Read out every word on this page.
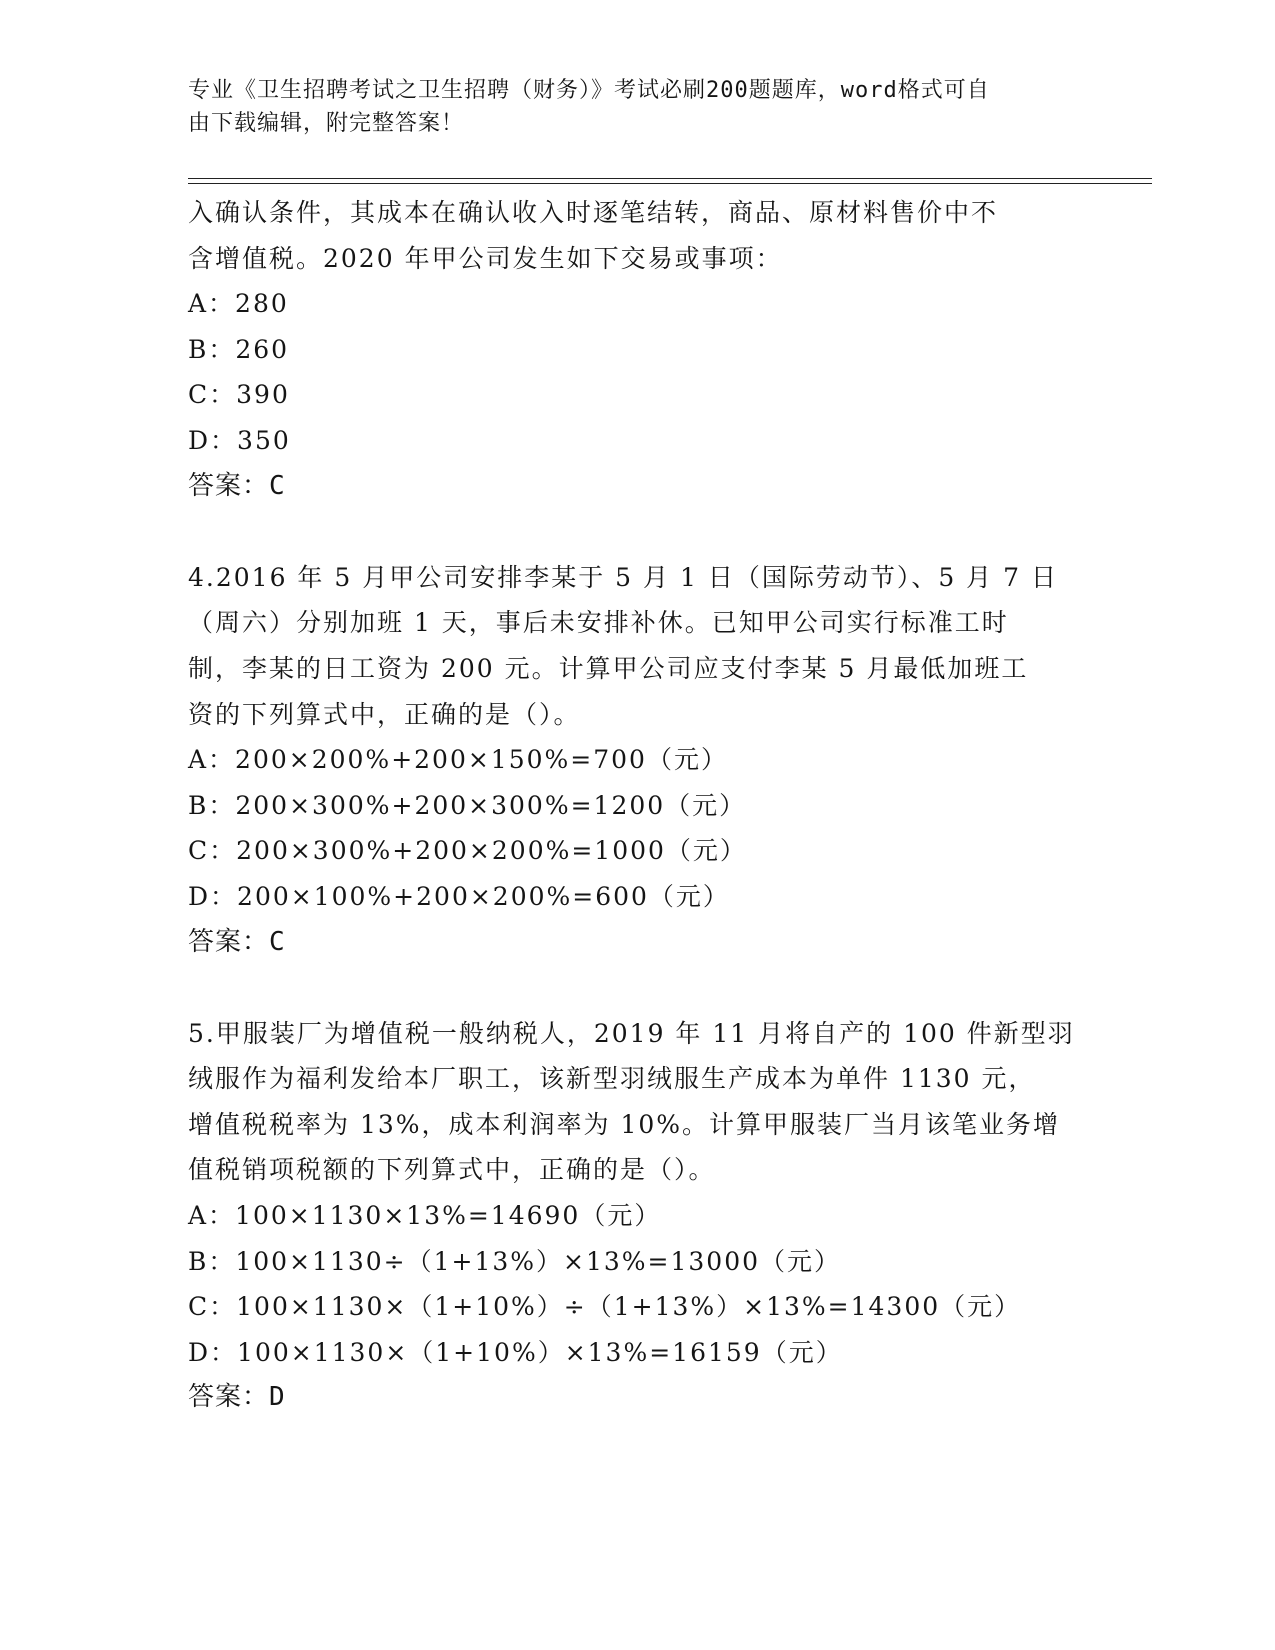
专业《卫生招聘考试之卫生招聘（财务）》考试必刷200题题库，word格式可自
由下载编辑，附完整答案！
入确认条件，其成本在确认收入时逐笔结转，商品、原材料售价中不
含增值税。2020 年甲公司发生如下交易或事项：
A：280
B：260
C：390
D：350
答案：C
4.2016 年 5 月甲公司安排李某于 5 月 1 日（国际劳动节）、5 月 7 日
（周六）分别加班 1 天，事后未安排补休。已知甲公司实行标准工时
制，李某的日工资为 200 元。计算甲公司应支付李某 5 月最低加班工
资的下列算式中，正确的是（）。
A：200×200%+200×150%=700（元）
B：200×300%+200×300%=1200（元）
C：200×300%+200×200%=1000（元）
D：200×100%+200×200%=600（元）
答案：C
5.甲服装厂为增值税一般纳税人，2019 年 11 月将自产的 100 件新型羽
绒服作为福利发给本厂职工，该新型羽绒服生产成本为单件 1130 元，
增值税税率为 13%，成本利润率为 10%。计算甲服装厂当月该笔业务增
值税销项税额的下列算式中，正确的是（）。
A：100×1130×13%=14690（元）
B：100×1130÷（1+13%）×13%=13000（元）
C：100×1130×（1+10%）÷（1+13%）×13%=14300（元）
D：100×1130×（1+10%）×13%=16159（元）
答案：D
